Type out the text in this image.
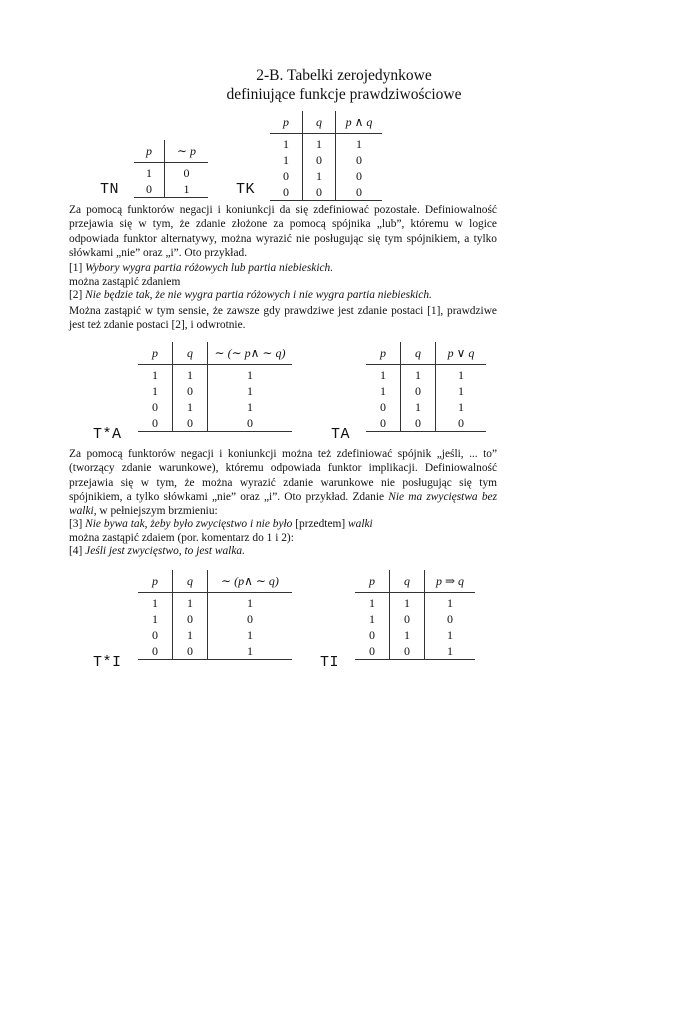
2-B. Tabelki zerojedynkowe
definiujące funkcje prawdziwościowe
p	∼ p
1	0
0	1
TN
p	q	p ∧ q
1	1	1
1	0	0
0	1	0
0	0	0
TK
Za pomocą funktorów negacji i koniunkcji da się zdefiniować pozostałe. Definiowalność przejawia się w tym, że zdanie złożone za pomocą spójnika „lub”, któremu w logice odpowiada funktor alternatywy, można wyrazić nie posługując się tym spójnikiem, a tylko słówkami „nie” oraz „i”. Oto przykład.
[1] Wybory wygra partia różowych lub partia niebieskich.
można zastąpić zdaniem
[2] Nie będzie tak, że nie wygra partia różowych i nie wygra partia niebieskich.
Można zastąpić w tym sensie, że zawsze gdy prawdziwe jest zdanie postaci [1], prawdziwe jest też zdanie postaci [2], i odwrotnie.
p	q	∼ (∼ p∧ ∼ q)
1	1	1
1	0	1
0	1	1
0	0	0
T*A
p	q	p ∨ q
1	1	1
1	0	1
0	1	1
0	0	0
TA
Za pomocą funktorów negacji i koniunkcji można też zdefiniować spójnik „jeśli, ... to” (tworzący zdanie warunkowe), któremu odpowiada funktor implikacji. Definiowalność przejawia się w tym, że można wyrazić zdanie warunkowe nie posługując się tym spójnikiem, a tylko słówkami „nie” oraz „i”. Oto przykład. Zdanie Nie ma zwycięstwa bez walki, w pełniejszym brzmieniu:
[3] Nie bywa tak, żeby było zwycięstwo i nie było [przedtem] walki
można zastąpić zdaiem (por. komentarz do 1 i 2):
[4] Jeśli jest zwycięstwo, to jest walka.
p	q	∼ (p∧ ∼ q)
1	1	1
1	0	0
0	1	1
0	0	1
T*I
p	q	p ⇒ q
1	1	1
1	0	0
0	1	1
0	0	1
TI
